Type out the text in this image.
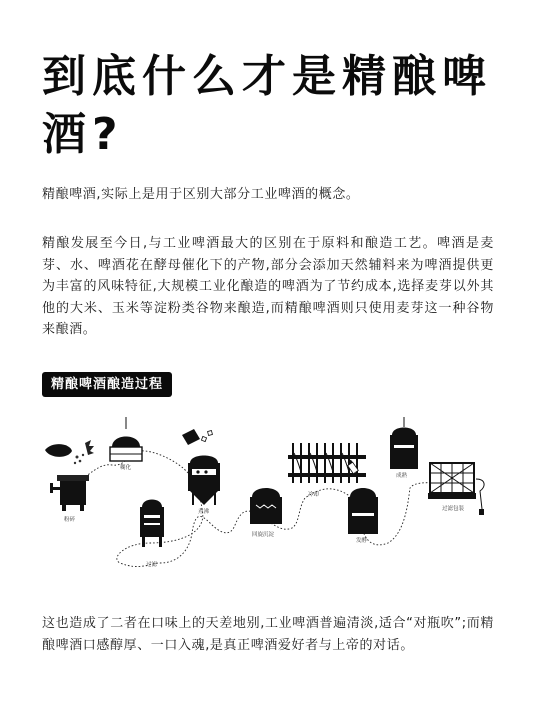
到底什么才是精酿啤酒?
精酿啤酒,实际上是用于区别大部分工业啤酒的概念。
精酿发展至今日,与工业啤酒最大的区别在于原料和酿造工艺。啤酒是麦芽、水、啤酒花在酵母催化下的产物,部分会添加天然辅料来为啤酒提供更为丰富的风味特征,大规模工业化酿造的啤酒为了节约成本,选择麦芽以外其他的大米、玉米等淀粉类谷物来酿造,而精酿啤酒则只使用麦芽这一种谷物来酿酒。
精酿啤酒酿造过程
粉碎
糊化
过滤
煮沸
回旋沉淀
冷却
发酵
成熟
过滤包装
这也造成了二者在口味上的天差地别,工业啤酒普遍清淡,适合“对瓶吹”;而精酿啤酒口感醇厚、一口入魂,是真正啤酒爱好者与上帝的对话。
